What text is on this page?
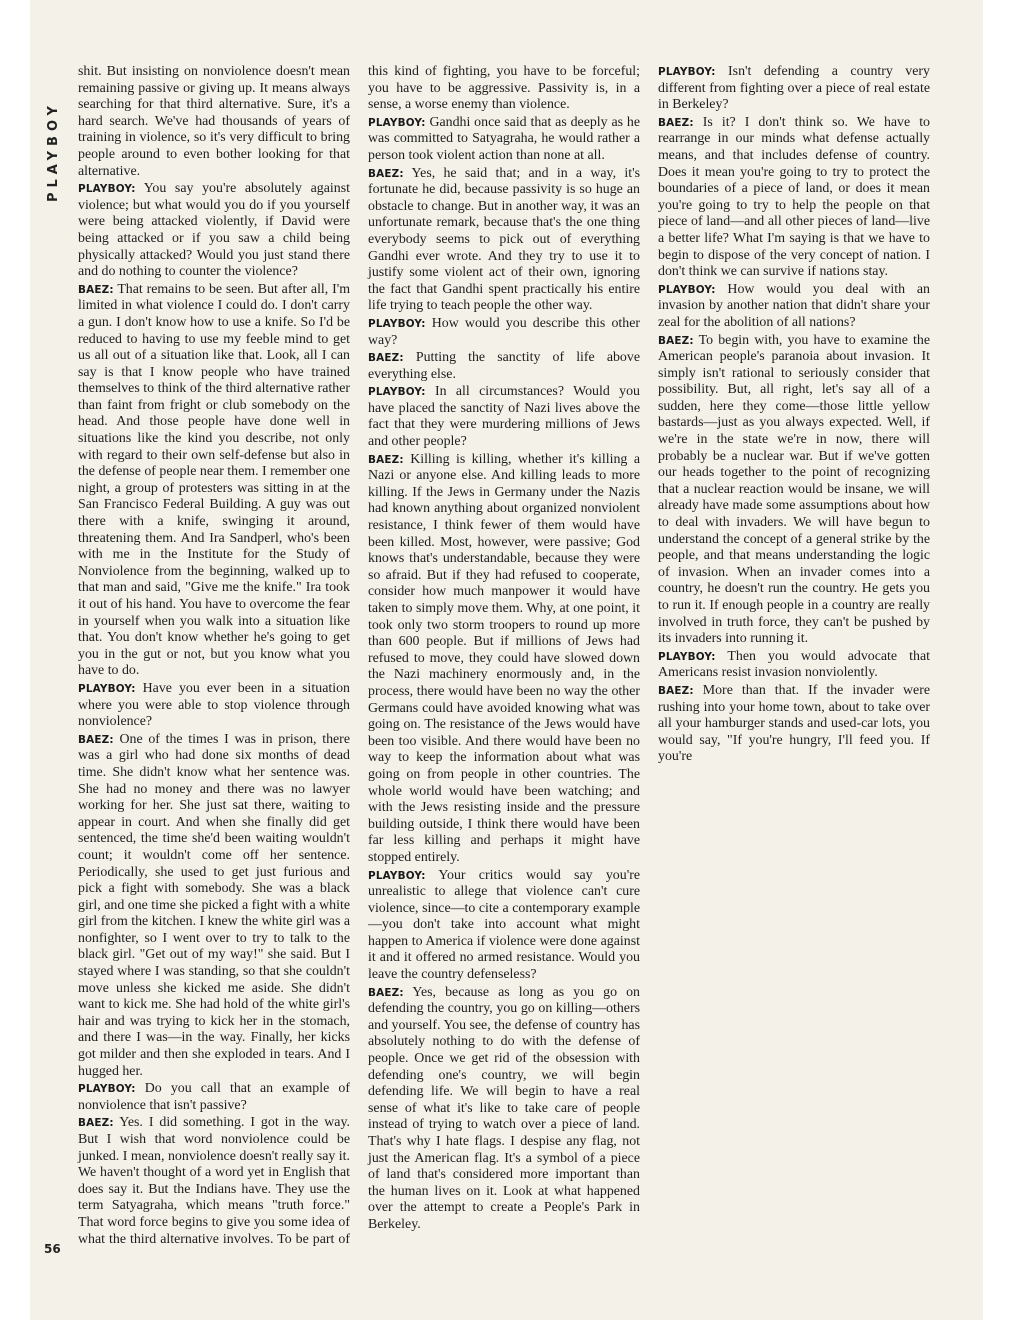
PLAYBOY
56

shit. But insisting on nonviolence doesn't mean remaining passive or giving up. It means always searching for that third alternative. Sure, it's a hard search. We've had thousands of years of training in violence, so it's very difficult to bring people around to even bother looking for that alternative.

PLAYBOY: You say you're absolutely against violence; but what would you do if you yourself were being attacked violently, if David were being attacked or if you saw a child being physically attacked? Would you just stand there and do nothing to counter the violence?

BAEZ: That remains to be seen. But after all, I'm limited in what violence I could do. I don't carry a gun. I don't know how to use a knife. So I'd be reduced to having to use my feeble mind to get us all out of a situation like that. Look, all I can say is that I know people who have trained themselves to think of the third alternative rather than faint from fright or club somebody on the head. And those people have done well in situations like the kind you describe, not only with regard to their own self-defense but also in the defense of people near them. I remember one night, a group of protesters was sitting in at the San Francisco Federal Building. A guy was out there with a knife, swinging it around, threatening them. And Ira Sandperl, who's been with me in the Institute for the Study of Nonviolence from the beginning, walked up to that man and said, "Give me the knife." Ira took it out of his hand. You have to overcome the fear in yourself when you walk into a situation like that. You don't know whether he's going to get you in the gut or not, but you know what you have to do.

PLAYBOY: Have you ever been in a situation where you were able to stop violence through nonviolence?

BAEZ: One of the times I was in prison, there was a girl who had done six months of dead time. She didn't know what her sentence was. She had no money and there was no lawyer working for her. She just sat there, waiting to appear in court. And when she finally did get sentenced, the time she'd been waiting wouldn't count; it wouldn't come off her sentence. Periodically, she used to get just furious and pick a fight with somebody. She was a black girl, and one time she picked a fight with a white girl from the kitchen. I knew the white girl was a nonfighter, so I went over to try to talk to the black girl. "Get out of my way!" she said. But I stayed where I was standing, so that she couldn't move unless she kicked me aside. She didn't want to kick me. She had hold of the white girl's hair and was trying to kick her in the stomach, and there I was—in the way. Finally, her kicks got milder and then she exploded in tears. And I hugged her.

PLAYBOY: Do you call that an example of nonviolence that isn't passive?

BAEZ: Yes. I did something. I got in the way. But I wish that word nonviolence could be junked. I mean, nonviolence doesn't really say it. We haven't thought of a word yet in English that does say it. But the Indians have. They use the term Satyagraha, which means "truth force." That word force begins to give you some idea of what the third alternative involves. To be part of this kind of fighting, you have to be forceful; you have to be aggressive. Passivity is, in a sense, a worse enemy than violence.

PLAYBOY: Gandhi once said that as deeply as he was committed to Satyagraha, he would rather a person took violent action than none at all.

BAEZ: Yes, he said that; and in a way, it's fortunate he did, because passivity is so huge an obstacle to change. But in another way, it was an unfortunate remark, because that's the one thing everybody seems to pick out of everything Gandhi ever wrote. And they try to use it to justify some violent act of their own, ignoring the fact that Gandhi spent practically his entire life trying to teach people the other way.

PLAYBOY: How would you describe this other way?

BAEZ: Putting the sanctity of life above everything else.

PLAYBOY: In all circumstances? Would you have placed the sanctity of Nazi lives above the fact that they were murdering millions of Jews and other people?

BAEZ: Killing is killing, whether it's killing a Nazi or anyone else. And killing leads to more killing. If the Jews in Germany under the Nazis had known anything about organized nonviolent resistance, I think fewer of them would have been killed. Most, however, were passive; God knows that's understandable, because they were so afraid. But if they had refused to cooperate, consider how much manpower it would have taken to simply move them. Why, at one point, it took only two storm troopers to round up more than 600 people. But if millions of Jews had refused to move, they could have slowed down the Nazi machinery enormously and, in the process, there would have been no way the other Germans could have avoided knowing what was going on. The resistance of the Jews would have been too visible. And there would have been no way to keep the information about what was going on from people in other countries. The whole world would have been watching; and with the Jews resisting inside and the pressure building outside, I think there would have been far less killing and perhaps it might have stopped entirely.

PLAYBOY: Your critics would say you're unrealistic to allege that violence can't cure violence, since—to cite a contemporary example—you don't take into account what might happen to America if violence were done against it and it offered no armed resistance. Would you leave the country defenseless?

BAEZ: Yes, because as long as you go on defending the country, you go on killing—others and yourself. You see, the defense of country has absolutely nothing to do with the defense of people. Once we get rid of the obsession with defending one's country, we will begin defending life. We will begin to have a real sense of what it's like to take care of people instead of trying to watch over a piece of land. That's why I hate flags. I despise any flag, not just the American flag. It's a symbol of a piece of land that's considered more important than the human lives on it. Look at what happened over the attempt to create a People's Park in Berkeley.

PLAYBOY: Isn't defending a country very different from fighting over a piece of real estate in Berkeley?

BAEZ: Is it? I don't think so. We have to rearrange in our minds what defense actually means, and that includes defense of country. Does it mean you're going to try to protect the boundaries of a piece of land, or does it mean you're going to try to help the people on that piece of land—and all other pieces of land—live a better life? What I'm saying is that we have to begin to dispose of the very concept of nation. I don't think we can survive if nations stay.

PLAYBOY: How would you deal with an invasion by another nation that didn't share your zeal for the abolition of all nations?

BAEZ: To begin with, you have to examine the American people's paranoia about invasion. It simply isn't rational to seriously consider that possibility. But, all right, let's say all of a sudden, here they come—those little yellow bastards—just as you always expected. Well, if we're in the state we're in now, there will probably be a nuclear war. But if we've gotten our heads together to the point of recognizing that a nuclear reaction would be insane, we will already have made some assumptions about how to deal with invaders. We will have begun to understand the concept of a general strike by the people, and that means understanding the logic of invasion. When an invader comes into a country, he doesn't run the country. He gets you to run it. If enough people in a country are really involved in truth force, they can't be pushed by its invaders into running it.

PLAYBOY: Then you would advocate that Americans resist invasion nonviolently.

BAEZ: More than that. If the invader were rushing into your home town, about to take over all your hamburger stands and used-car lots, you would say, "If you're hungry, I'll feed you. If you're
